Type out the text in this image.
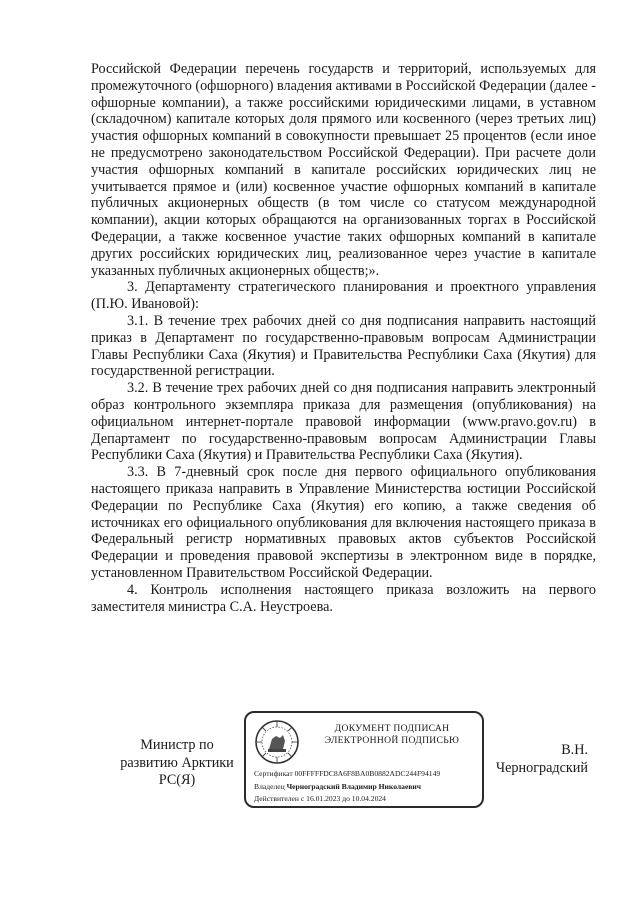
Российской Федерации перечень государств и территорий, используемых для промежуточного (офшорного) владения активами в Российской Федерации (далее - офшорные компании), а также российскими юридическими лицами, в уставном (складочном) капитале которых доля прямого или косвенного (через третьих лиц) участия офшорных компаний в совокупности превышает 25 процентов (если иное не предусмотрено законодательством Российской Федерации). При расчете доли участия офшорных компаний в капитале российских юридических лиц не учитывается прямое и (или) косвенное участие офшорных компаний в капитале публичных акционерных обществ (в том числе со статусом международной компании), акции которых обращаются на организованных торгах в Российской Федерации, а также косвенное участие таких офшорных компаний в капитале других российских юридических лиц, реализованное через участие в капитале указанных публичных акционерных обществ;».

3. Департаменту стратегического планирования и проектного управления (П.Ю. Ивановой):

3.1. В течение трех рабочих дней со дня подписания направить настоящий приказ в Департамент по государственно-правовым вопросам Администрации Главы Республики Саха (Якутия) и Правительства Республики Саха (Якутия) для государственной регистрации.

3.2. В течение трех рабочих дней со дня подписания направить электронный образ контрольного экземпляра приказа для размещения (опубликования) на официальном интернет-портале правовой информации (www.pravo.gov.ru) в Департамент по государственно-правовым вопросам Администрации Главы Республики Саха (Якутия) и Правительства Республики Саха (Якутия).

3.3. В 7-дневный срок после дня первого официального опубликования настоящего приказа направить в Управление Министерства юстиции Российской Федерации по Республике Саха (Якутия) его копию, а также сведения об источниках его официального опубликования для включения настоящего приказа в Федеральный регистр нормативных правовых актов субъектов Российской Федерации и проведения правовой экспертизы в электронном виде в порядке, установленном Правительством Российской Федерации.

4. Контроль исполнения настоящего приказа возложить на первого заместителя министра С.А. Неустроева.

Министр по
развитию Арктики
РС(Я)
ДОКУМЕНТ ПОДПИСАН
ЭЛЕКТРОННОЙ ПОДПИСЬЮ
Сертификат 00FFFFFDC8A6F8BA0B0882ADC244F94149
Владелец Черноградский Владимир Николаевич
Действителен с 16.01.2023 до 10.04.2024
В.Н.
Черноградский
